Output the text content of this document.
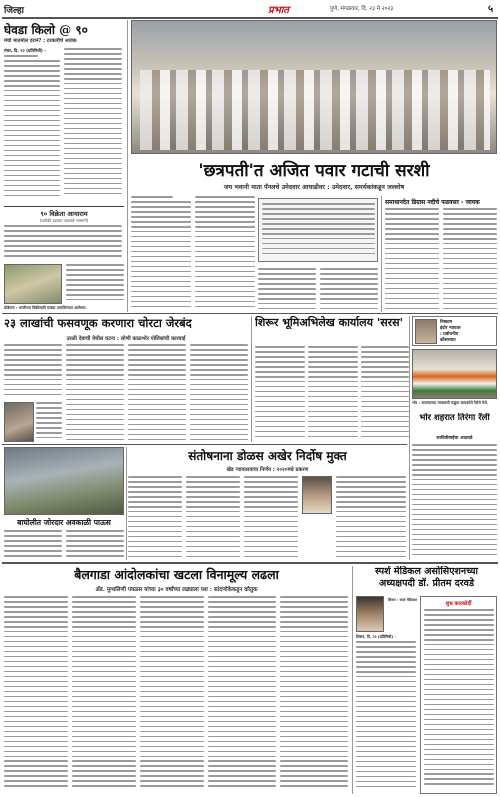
जिल्हा	प्रभात	पुणे, मंगळवार, दि. २३ मे २०२३	५
घेवडा किलो @ ९०
मेथी मातमोल दराने? : टरकारीचे आवक
मंचर, दि. २२ (प्रतिनिधी) -
९० विक्रेता आयाराम
(प्रत्येकी दहाव्या आठवडे भयमाने)
घोडेगाव : भाजीच्या विक्रीसाठी गाड्या उतरविण्यात आलेल्या.
'छत्रपती'त अजित पवार गटाची सरशी
जय भवानी माता पॅनलचे उमेदवार आघाडीवर : उमेदवार, समर्थकांकडून जल्लोष
समाधानदेत डिग्रास नदीचे फडवसर - जायक
२३ लाखांची फसवणूक करणारा चोरटा जेरबंद
उरळी देवाची येथील घटना : लोणी काळभोर पोलिसांची कारवाई
शिरूर भूमिअभिलेख कार्यालय 'सरस'	निष्काम
इंदोर न्यायाल
: प्रबोधनीय
कौशल्यात
भोर : फसव्याच्या व्यवसायी फड्डात कटाकोले रैलेले गेले.
भोर शहरात तिरंगा रॅली
सावित्रीबाईंचा आठवडे
संतोषनाना डोळस अखेर निर्दोष मुक्त
खेड न्यायालयाचा निर्णय : २०२०मधे प्रकरण
बाघोलीत जोरदार अवकाळी पाऊस
बैलगाडा आंदोलकांचा खटला विनामूल्य लढला
ॲड. मुग्धलिणी पवळस यांच्या ३० वर्षांच्या लढ्याला यश : सांदणोकेकडून कौतुक
स्पर्श मेडिकल असोसिएशनच्या अध्यक्षपदी डॉ. प्रीतम दरवडे
शिरूर, दि. २२ (प्रतिनिधी) -
शुभ्र कारकोर्दी
शिरूर : स्पर्श मेडिकल
